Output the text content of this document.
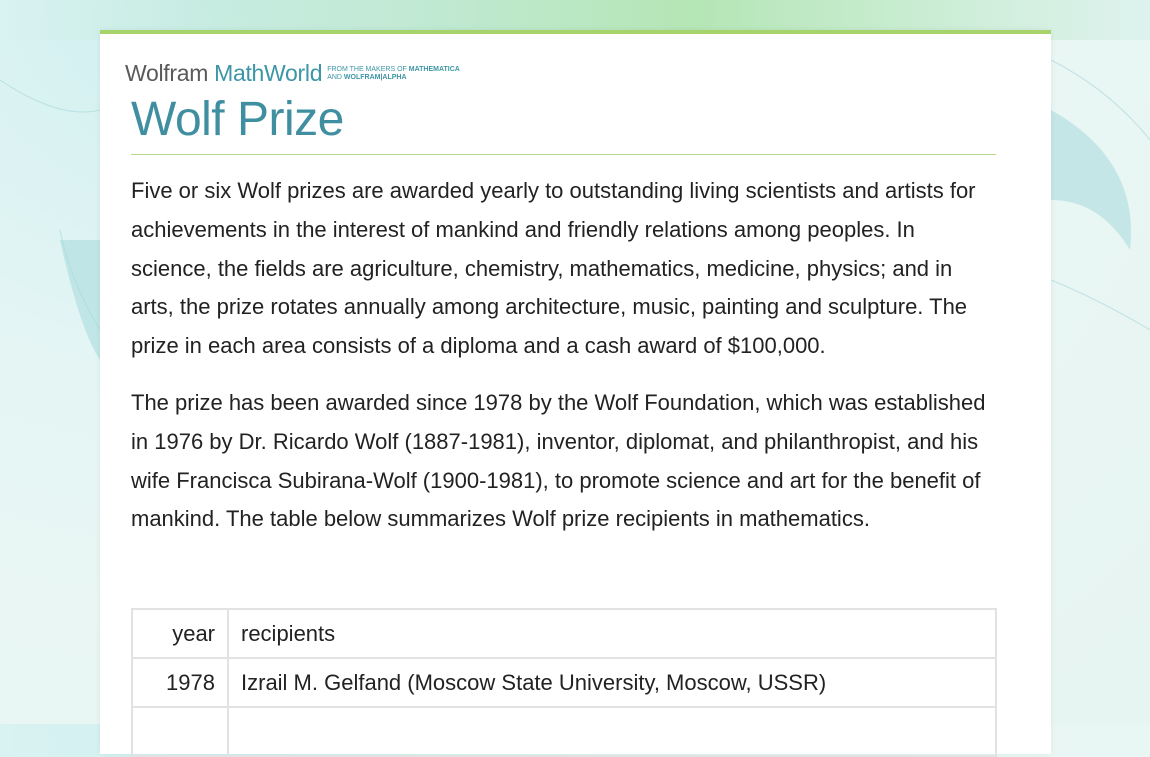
Wolfram MathWorld FROM THE MAKERS OF MATHEMATICA
AND WOLFRAM|ALPHA
Wolf Prize

Five or six Wolf prizes are awarded yearly to outstanding living scientists and artists for achievements in the interest of mankind and friendly relations among peoples. In science, the fields are agriculture, chemistry, mathematics, medicine, physics; and in arts, the prize rotates annually among architecture, music, painting and sculpture. The prize in each area consists of a diploma and a cash award of $100,000.

The prize has been awarded since 1978 by the Wolf Foundation, which was established in 1976 by Dr. Ricardo Wolf (1887-1981), inventor, diplomat, and philanthropist, and his wife Francisca Subirana-Wolf (1900-1981), to promote science and art for the benefit of mankind. The table below summarizes Wolf prize recipients in mathematics.

year	recipients
1978	Izrail M. Gelfand (Moscow State University, Moscow, USSR)
